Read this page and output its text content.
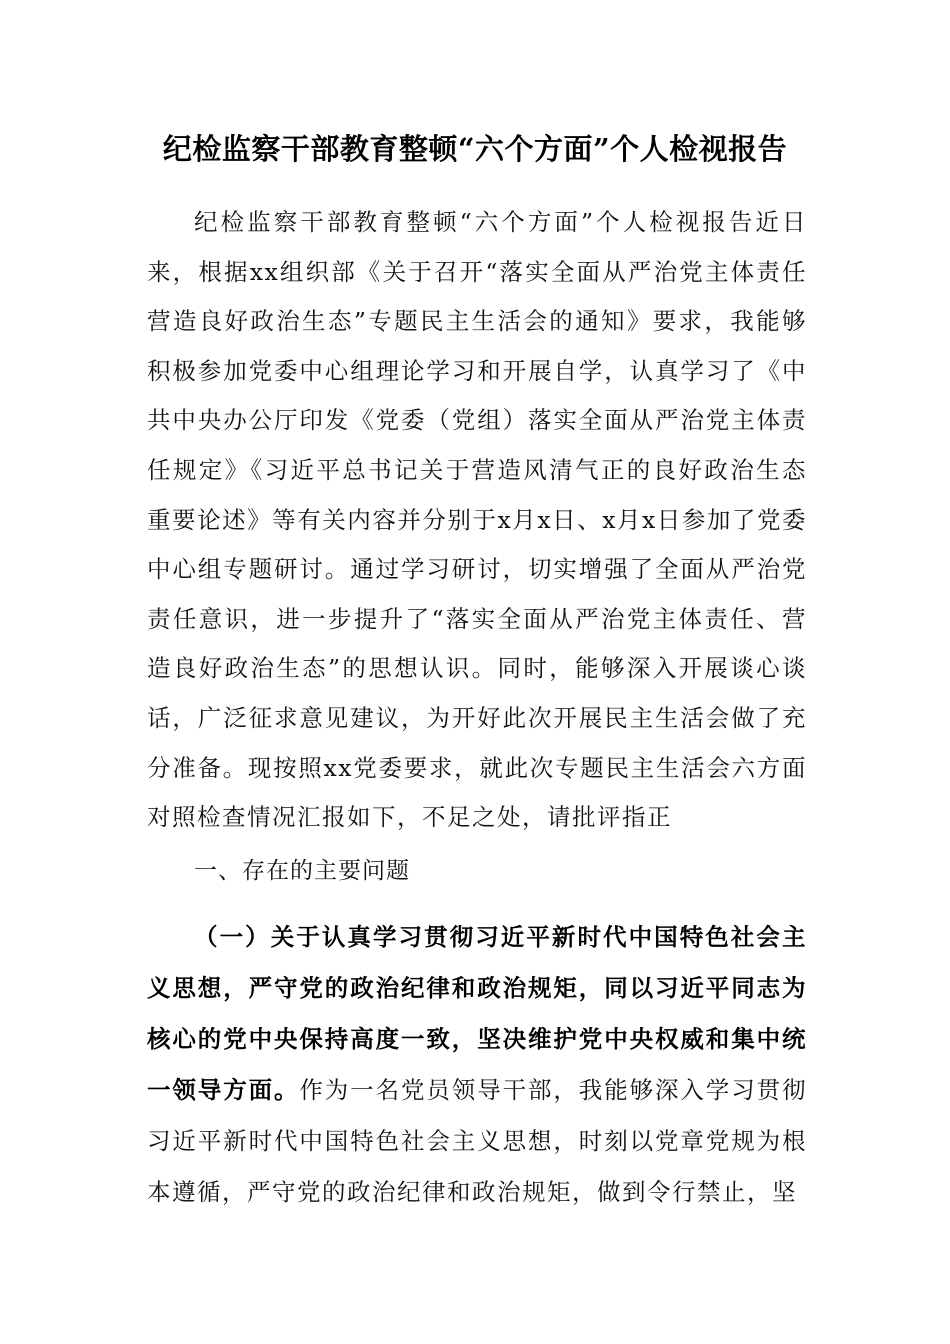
纪检监察干部教育整顿“六个方面”个人检视报告
纪检监察干部教育整顿“六个方面”个人检视报告近日来，根据xx组织部《关于召开“落实全面从严治党主体责任营造良好政治生态”专题民主生活会的通知》要求，我能够积极参加党委中心组理论学习和开展自学，认真学习了《中共中央办公厅印发《党委（党组）落实全面从严治党主体责任规定》《习近平总书记关于营造风清气正的良好政治生态重要论述》等有关内容并分别于x月x日、x月x日参加了党委中心组专题研讨。通过学习研讨，切实增强了全面从严治党责任意识，进一步提升了“落实全面从严治党主体责任、营造良好政治生态”的思想认识。同时，能够深入开展谈心谈话，广泛征求意见建议，为开好此次开展民主生活会做了充分准备。现按照xx党委要求，就此次专题民主生活会六方面对照检查情况汇报如下，不足之处，请批评指正
一、存在的主要问题
（一）关于认真学习贯彻习近平新时代中国特色社会主义思想，严守党的政治纪律和政治规矩，同以习近平同志为核心的党中央保持高度一致，坚决维护党中央权威和集中统一领导方面。作为一名党员领导干部，我能够深入学习贯彻习近平新时代中国特色社会主义思想，时刻以党章党规为根本遵循，严守党的政治纪律和政治规矩，做到令行禁止，坚
